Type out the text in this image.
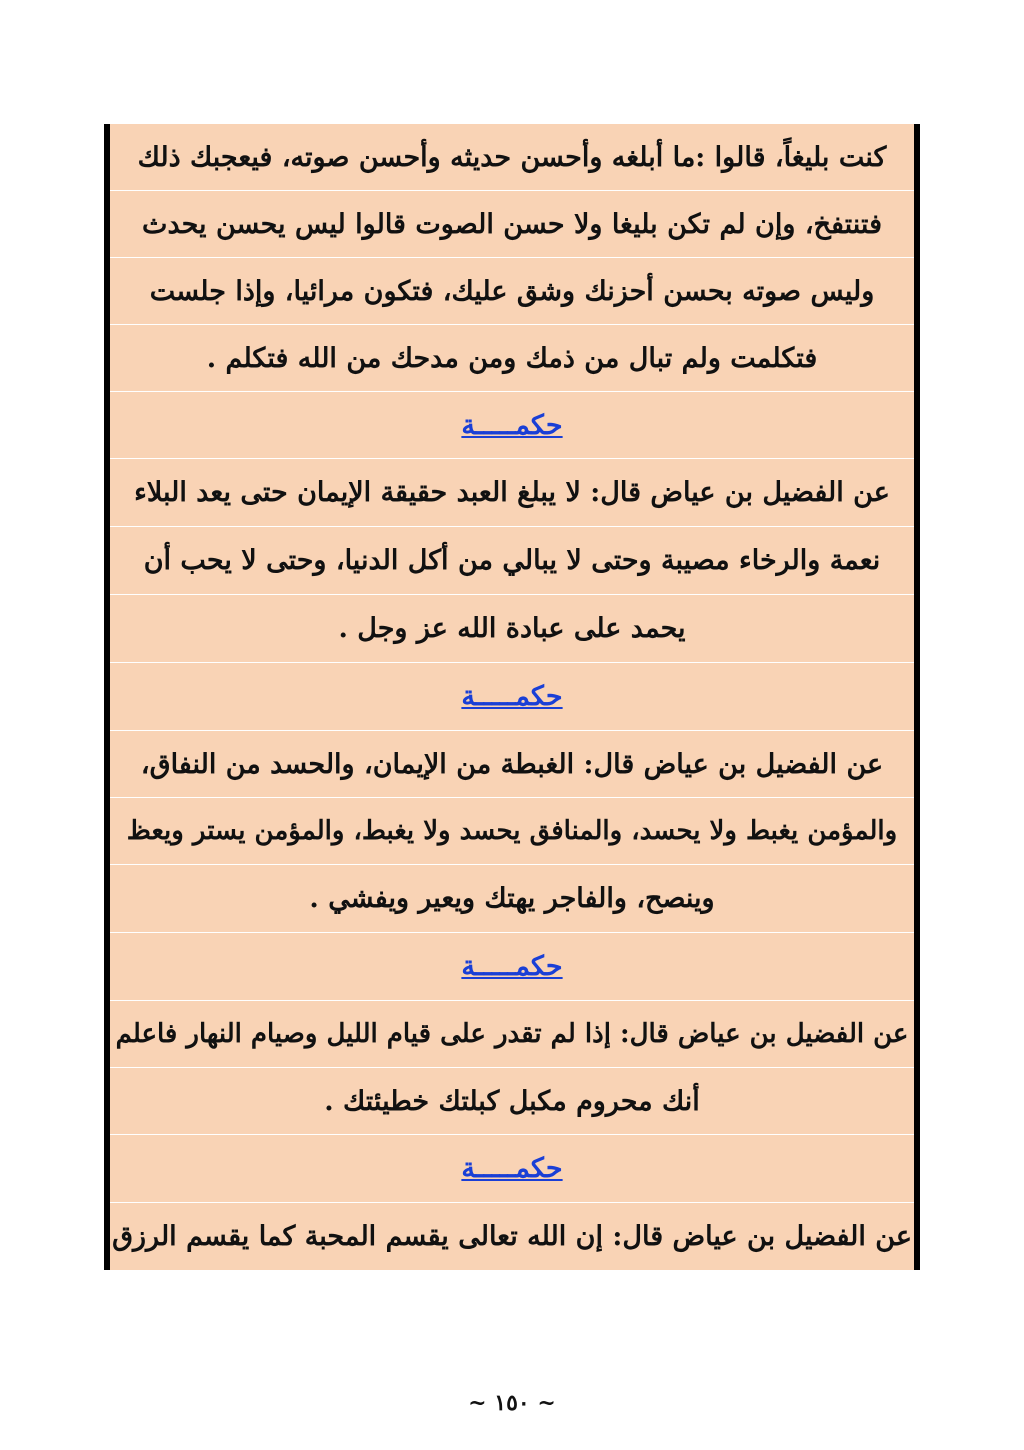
كنت بليغاً، قالوا :ما أبلغه وأحسن حديثه وأحسن صوته، فيعجبك ذلك
فتنتفخ، وإن لم تكن بليغا ولا حسن الصوت قالوا ليس يحسن يحدث
وليس صوته بحسن أحزنك وشق عليك، فتكون مرائيا، وإذا جلست
فتكلمت ولم تبال من ذمك ومن مدحك من الله فتكلم .
حكمـــــة
عن الفضيل بن عياض قال: لا يبلغ العبد حقيقة الإيمان حتى يعد البلاء
نعمة والرخاء مصيبة وحتى لا يبالي من أكل الدنيا، وحتى لا يحب أن
يحمد على عبادة الله عز وجل .
حكمـــــة
عن الفضيل بن عياض قال: الغبطة من الإيمان، والحسد من النفاق،
والمؤمن يغبط ولا يحسد، والمنافق يحسد ولا يغبط، والمؤمن يستر ويعظ
وينصح، والفاجر يهتك ويعير ويفشي .
حكمـــــة
عن الفضيل بن عياض قال: إذا لم تقدر على قيام الليل وصيام النهار فاعلم
أنك محروم مكبل كبلتك خطيئتك .
حكمـــــة
عن الفضيل بن عياض قال: إن الله تعالى يقسم المحبة كما يقسم الرزق
~ ١٥٠ ~
